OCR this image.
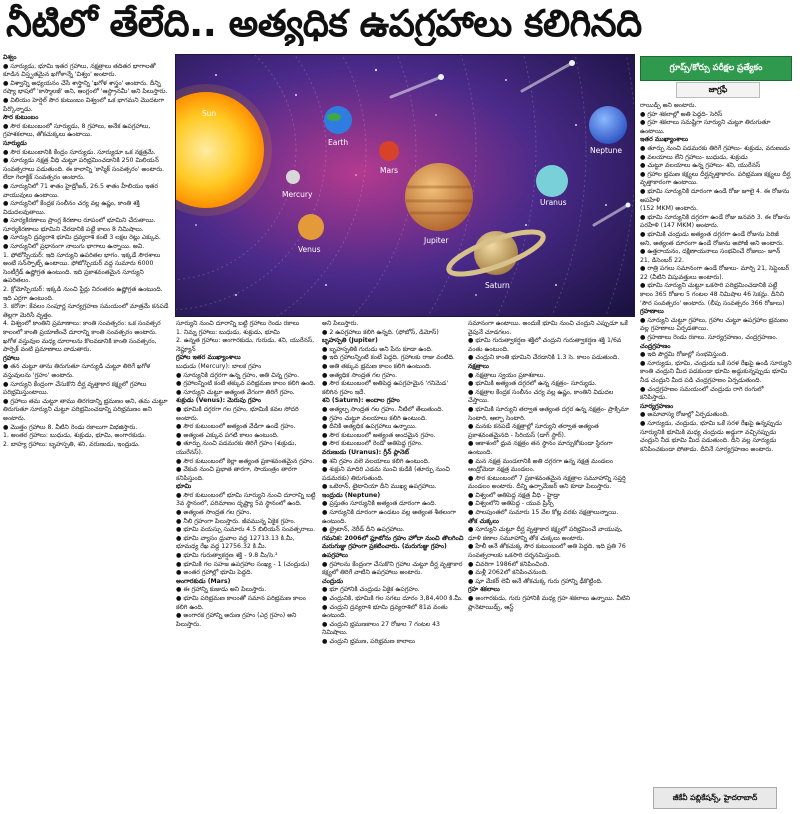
నీటిలో తేలేది.. అత్యధిక ఉపగ్రహాలు కలిగినది

విశ్వం

● సూర్యుడు, భూమి ఇతర గ్రహాలు, నక్షత్రాలు తదితర భాగాలతో కూడిన విస్తృతమైన ఖగోళాన్నే 'విశ్వం' అంటారు.

● విశ్వాన్ని అధ్యయనం చేసే శాస్త్రాన్ని 'ఖగోళ శాస్త్రం' అంటారు. దీన్ని రష్యా భాషలో 'కాస్మాలజీ' అని, ఆంగ్లంలో 'ఆస్ట్రానమీ' అని పిలుస్తారు.

● విలియం హెర్షెల్ సౌర కుటుంబం విశ్వంలో ఒక భాగమని మొదటగా పేర్కొన్నాడు.

సౌర కుటుంబం

● సౌర కుటుంబంలో సూర్యుడు, 8 గ్రహాలు, అనేక ఉపగ్రహాలు, గ్రహశకలాలు, తోకచుక్కలు ఉంటాయి.

సూర్యుడు

● సౌర కుటుంబానికి కేంద్రం సూర్యుడు. సూర్యుడూ ఒక నక్షత్రమే.

● సూర్యుడు నక్షత్ర వీధి చుట్టూ పరిభ్రమించడానికి 250 మిలియన్ సంవత్సరాలు పడుతుంది. ఈ కాలాన్ని 'కాస్మిక్ సంవత్సరం' అంటారు. లేదా గెలాక్టిక్ సంవత్సరం అంటారు.

● సూర్యునిలో 71 శాతం హైడ్రోజన్, 26.5 శాతం హీలియం ఇతర వాయువులు ఉంటాయి.

● సూర్యునిలో కేంద్రక సంలీనం చర్య వల్ల ఉష్ణం, కాంతి శక్తి విడుదలవుతాయి.

● సూర్యకిరణాలు ప్రాంగ్ల కిరణాల రూపంలో భూమిని చేరుతాయి. సూర్యకిరణాలు భూమిని చేరడానికి పట్టే కాలం 8 నిమిషాలు.

● సూర్యుని ద్రవ్యరాశి భూమి ద్రవ్యరాశి కంటే 3 లక్షల రెట్లు ఎక్కువ.

● సూర్యునిలో ప్రధానంగా నాలుగు భాగాలు ఉన్నాయి. అవి.

1. ఫోటోస్ఫియర్: ఇది సూర్యుని ఉపరితల భాగం. ఇక్కడే సౌరశాలు అంటే సన్‌స్పాట్స్ ఉంటాయి. ఫోటోస్ఫియర్ వద్ద సుమారు 6000 సెంటీగ్రేడ్ ఉష్ణోగ్రత ఉంటుంది. ఇది ప్రకాశవంతమైన సూర్యుని ఉపరితలం.

2. క్రోమోస్ఫియర్: ఇక్కడి నుంచి ఫ్లేర్లు నిరంతరం ఉష్ణోగ్రత ఉంటుంది. ఇది ఎర్రగా ఉంటుంది.

3. కరోనా: కేవలం సంపూర్ణ సూర్యగ్రహణ సమయంలో మాత్రమే కనపడే తెల్లగా మెరిసే వృత్తం.

4. విశ్వంలో కాంతిని ప్రమాణాలు: కాంతి సంవత్సరం: ఒక సంవత్సర కాలంలో కాంతి ప్రయాణించే దూరాన్ని కాంతి సంవత్సరం అంటారు. ఖగోళ వస్తువుల మధ్య దూరాలను కొలవడానికి కాంతి సంవత్సరం, పార్సెక్ వంటి ప్రమాణాలు వాడుతారు.

గ్రహాలు

● తన చుట్టూ తాను తిరుగుతూ సూర్యుడి చుట్టూ తిరిగే ఖగోళ వస్తువులను 'గ్రహం' అంటారు.

● సూర్యుని కేంద్రంగా చేసుకొని దీర్ఘ వృత్తాకార కక్ష్యలో గ్రహాలు పరిభ్రమిస్తుంటాయి.

● గ్రహాలు తమ చుట్టూ తాము తిరగడాన్ని భ్రమణం అని, తమ చుట్టూ తిరుగుతూ సూర్యుని చుట్టూ పరిభ్రమించడాన్ని పరిభ్రమణం అని అంటారు.

● మొత్తం గ్రహాలు 8. వీటిని రెండు రకాలుగా విభజిస్తారు.

1. అంతర గ్రహాలు: బుధుడు, శుక్రుడు, భూమి, అంగారకుడు.

2. బాహ్య గ్రహాలు: బృహస్పతి, శని, వరుణుడు, ఇంద్రుడు.

Sun
Mercury
Venus
Earth
Mars
Jupiter
Uranus
Saturn
Neptune

సూర్యుని నుంచి దూరాన్ని బట్టి గ్రహాలు రెండు రకాలు

1. నిమ్న గ్రహాలు: బుధుడు, శుక్రుడు, భూమి

2. ఉన్నత గ్రహాలు: అంగారకుడు, గురుడు, శని, యురేనస్, నెప్ట్యూన్

గ్రహాల ఇతర ముఖ్యాంశాలు

బుధుడు (Mercury): బాలక గ్రహం

● సూర్యునికి దగ్గరగా ఉన్న గ్రహం, అతి చిన్న గ్రహం.

● గ్రహాలన్నింటి కంటే తక్కువ పరిభ్రమణ కాలం కలిగి ఉంది.

● సూర్యుని చుట్టూ అత్యంత వేగంగా తిరిగే గ్రహం.

శుక్రుడు (Venus): మెరుపు గ్రహం

● భూమికి దగ్గరగా గల గ్రహం, భూమికి కవల సోదరి అంటారు.

● సౌర కుటుంబంలో అత్యంత వేడిగా ఉండే గ్రహం.

● అత్యంత ఎక్కువ పగటి కాలం ఉంటుంది.

● తూర్పు నుంచి పడమరకు తిరిగే గ్రహం (శుక్రుడు, యురేనస్).

● సౌర కుటుంబంలో కెల్లా అత్యంత ప్రకాశవంతమైన గ్రహం.

● వేకువ నుంచి ప్రభాత తారగా, సాయంత్రం తారగా కనిపిస్తుంది.

భూమి

● సౌర కుటుంబంలో భూమి సూర్యుని నుంచి దూరాన్ని బట్టి 3వ స్థానంలో, పరిమాణం దృష్ట్యా 5వ స్థానంలో ఉంది.

● అత్యంత సాంద్రత గల గ్రహం.

● నీలి గ్రహంగా పిలుస్తారు. జీవమున్న ఏకైక గ్రహం.

● భూమి వయస్సు సుమారు 4.5 బిలియన్ సంవత్సరాలు.

● భూమి వ్యాసం ధ్రువాల వద్ద 12713.13 కి.మీ, భూమధ్య రేఖ వద్ద 12756.32 కి.మీ.

● భూమి గురుత్వాకర్షణ శక్తి - 9.8 మీ/సె.²

● భూమికి గల సహజ ఉపగ్రహాల సంఖ్య - 1 (చంద్రుడు)

● అంతర గ్రహాల్లో భూమి పెద్దది.

అంగారకుడు (Mars)

● ఈ గ్రహాన్ని కుజుడు అని పిలుస్తారు.

● భూమి పరిభ్రమణ కాలంతో సమాన పరిభ్రమణ కాలం కలిగి ఉంది.

● అంగారక గ్రహాన్ని అరుణ గ్రహం (ఎర్ర గ్రహం) అని పిలుస్తారు.

అని పిలుస్తారు.

● 2 ఉపగ్రహాలు కలిగి ఉన్నది. (ఫోబోస్, డిమోస్)

బృహస్పతి (Jupiter)

● బృహస్పతికి గురుడు అని పేరు కూడా ఉంది.

● ఇది గ్రహాలన్నింటి కంటే పెద్దది. గ్రహాలకు రాజు వంటిది.

● అతి తక్కువ భ్రమణ కాలం కలిగి ఉంటుంది.

● అత్యధిక సాంద్రత గల గ్రహం.

● సౌర కుటుంబంలో అతిపెద్ద ఉపగ్రహమైన 'గనిమెడ' కలిగిన గ్రహం ఇదే.

శని (Saturn): అందాల గ్రహం

● అత్యల్ప సాంద్రత గల గ్రహం. నీటిలో తేలుతుంది.

● గ్రహం చుట్టూ వలయాలు కలిగి ఉంటుంది.

● దీనికి అత్యధిక ఉపగ్రహాలు ఉన్నాయి.

● సౌర కుటుంబంలో అత్యంత అందమైన గ్రహం.

● సౌర కుటుంబంలో రెండో అతిపెద్ద గ్రహం.

వరుణుడు (Uranus): గ్రీన్ ప్లానెట్

● శని గ్రహం వలె వలయాలు కలిగి ఉంటుంది.

● శుక్రుని మాదిరి ఎడమ నుంచి కుడికి (తూర్పు నుంచి పడమరకు) తిరుగుతుంది.

● ఒబెరాన్, టైటానియా దీని ముఖ్య ఉపగ్రహాలు.

ఇంద్రుడు (Neptune)

● ప్రస్తుతం సూర్యునికి అత్యంత దూరంగా ఉంది.

● సూర్యునికి దూరంగా ఉండటం వల్ల అత్యంత శీతలంగా ఉంటుంది.

● ట్రైటాన్, నెరీడ్ దీని ఉపగ్రహాలు.

గమనిక: 2006లో ప్లూటోను గ్రహం హోదా నుంచి తొలగించి మరుగుజ్జు గ్రహంగా ప్రకటించారు. (మరుగుజ్జు గ్రహం)

ఉపగ్రహాలు

● గ్రహాలను కేంద్రంగా చేసుకొని గ్రహాల చుట్టూ దీర్ఘ వృత్తాకార కక్ష్యలో తిరిగే వాటిని ఉపగ్రహాలు అంటారు.

చంద్రుడు

● భూ గ్రహానికి చంద్రుడు ఏకైక ఉపగ్రహం.

● చంద్రునికి, భూమికి గల సగటు దూరం 3,84,400 కి.మీ.

● చంద్రుని ద్రవ్యరాశి భూమి ద్రవ్యరాశిలో 81వ వంతు ఉంటుంది.

● చంద్రుని భ్రమణకాలం 27 రోజుల 7 గంటల 43 నిమిషాలు.

● చంద్రుని భ్రమణ, పరిభ్రమణ కాలాలు

సమానంగా ఉంటాయి. అందుకే భూమి నుంచి చంద్రుని ఎప్పుడూ ఒకే వైపునే చూడగలం.

● భూమి గురుత్వాకర్షణ శక్తిలో చంద్రుని గురుత్వాకర్షణ శక్తి 1/6వ వంతు ఉంటుంది.

● చంద్రుని కాంతి భూమిని చేరడానికి 1.3 సె. కాలం పడుతుంది.

నక్షత్రాలు

● నక్షత్రాలు స్వయం ప్రకాశకాలు.

● భూమికి అత్యంత దగ్గరలో ఉన్న నక్షత్రం- సూర్యుడు.

● నక్షత్రాల కేంద్రక సంలీనం చర్య వల్ల ఉష్ణం, కాంతిని విడుదల చేస్తాయి.

● భూమికి సూర్యుని తర్వాత అత్యంత దగ్గర ఉన్న నక్షత్రం- ప్రాక్సిమా సెంటారి, ఆల్ఫా సెంటారి.

● మనకు కనపడే నక్షత్రాల్లో సూర్యుని తర్వాత అత్యంత ప్రకాశవంతమైనది - సిరియస్ (డాగ్ స్టార్).

● ఆకాశంలో ధ్రువ నక్షత్రం తన స్థానం మార్చుకోకుండా స్థిరంగా ఉంటుంది.

● మన నక్షత్ర మండలానికి అతి దగ్గరగా ఉన్న నక్షత్ర మండలం ఆండ్రోమెడా నక్షత్ర మండలం.

● సౌర కుటుంబంలో 7 ప్రకాశవంతమైన నక్షత్రాల సమూహాన్ని సప్తర్షి మండలం అంటారు. దీన్ని ఉర్సామేజర్ అని కూడా పిలుస్తారు.

● విశ్వంలో అతిపెద్ద నక్షత్ర వీధి - హైడ్రా

● విశ్వంలోని అతిపెద్ద - యువ ప్రిన్స్

● పాలపుంతలో సుమారు 15 వేల కోట్ల వరకు నక్షత్రాలున్నాయి.

తోక చుక్కలు

● సూర్యుని చుట్టూ దీర్ఘ వృత్తాకార కక్ష్యలో పరిభ్రమించే వాయువు, ధూళి కణాల సమూహాన్ని తోక చుక్కలు అంటారు.

● హేలీ అనే తోకచుక్క సౌర కుటుంబంలో అతి పెద్దది. ఇది ప్రతి 76 సంవత్సరాలకు ఒకసారి దర్శనమిస్తుంది.

● చివరిగా 1986లో కనిపించింది.

● మళ్లీ 2062లో కనిపించనుంది.

● షూ మేకర్ లెవీ అనే తోకచుక్క గురు గ్రహాన్ని ఢీకొట్టింది.

గ్రహ శకలాలు

● అంగారకుడు, గురు గ్రహానికి మధ్య గ్రహ శకలాలు ఉన్నాయి. వీటిని ప్లానెటాయిడ్స్, ఆస్ట్

గ్రూప్స్/కోర్సు పరీక్షల ప్రత్యేకం
జాగ్రఫీ

రాయిడ్స్ అని అంటారు.

● గ్రహ శకలాల్లో అతి పెద్దది- సెరిస్

● గ్రహ శకలాలు సమష్టిగా సూర్యుని చుట్టూ తిరుగుతూ ఉంటాయి.

ఇతర ముఖ్యాంశాలు

● తూర్పు నుంచి పడమరకు తిరిగే గ్రహాలు- శుక్రుడు, వరుణుడు

● వలయాలు లేని గ్రహాలు- బుధుడు, శుక్రుడు

● చుట్టూ వలయాలు ఉన్న గ్రహాలు- శని, యురేనస్

● గ్రహాల భ్రమణ కక్ష్యలు దీర్ఘవృత్తాకారం. పరిభ్రమణ కక్ష్యలు దీర్ఘ వృత్తాకారంగా ఉంటాయి.

● భూమి సూర్యునికి దూరంగా ఉండే రోజు జూలై 4. ఈ రోజును అపహేళి

(152 MKM) అంటారు.

● భూమి సూర్యునికి దగ్గరగా ఉండే రోజు జనవరి 3. ఈ రోజును పరహేళి (147 MKM) అంటారు.

● భూమికి చంద్రుడు అత్యంత దగ్గరగా ఉండే రోజును పెరిజీ అని, అత్యంత దూరంగా ఉండే రోజును అపోజీ అని అంటారు.

● ఉత్తరాయనం, దక్షిణాయనాలు సంభవించే రోజులు- జూన్ 21, డిసెంబర్ 22.

● రాత్రి పగలు సమానంగా ఉండే రోజులు- మార్చి 21, సెప్టెంబర్ 22 (వీటిని విషువత్తులు అంటారు).

● భూమి సూర్యుని చుట్టూ ఒకసారి పరిభ్రమించడానికి పట్టే కాలం 365 రోజుల 5 గంటల 48 నిమిషాల 46 సెకన్లు. దీనిని 'సౌర సంవత్సరం' అంటారు. (లీపు సంవత్సరం 366 రోజులు)

గ్రహణాలు

● సూర్యుని చుట్టూ గ్రహాలు, గ్రహాల చుట్టూ ఉపగ్రహాల భ్రమణం వల్ల గ్రహణాలు ఏర్పడతాయి.

● గ్రహణాలు రెండు రకాలు. సూర్యగ్రహణం, చంద్రగ్రహణం.

చంద్రగ్రహణం

● ఇది పౌర్ణమి రోజుల్లో సంభవిస్తుంది.

● సూర్యుడు, భూమి, చంద్రుడు ఒకే సరళ రేఖపై ఉండి సూర్యుని కాంతి చంద్రుని మీద పడకుండా భూమి అడ్డుకున్నప్పుడు భూమి నీడ చంద్రుని మీద పడి చంద్రగ్రహణం ఏర్పడుతుంది.

● చంద్రగ్రహణం సమయంలో చంద్రుడు రాగి రంగులో కనిపిస్తాడు.

సూర్యగ్రహణం

● అమావాస్య రోజుల్లో ఏర్పడుతుంది.

● సూర్యుడు, చంద్రుడు, భూమి ఒకే సరళ రేఖపై ఉన్నప్పుడు సూర్యునికి భూమికి మధ్య చంద్రుడు అడ్డుగా వచ్చినప్పుడు చంద్రుని నీడ భూమి మీద పడుతుంది. దీని వల్ల సూర్యుడు కనిపించకుండా పోతాడు. దీనినే సూర్యగ్రహణం అంటారు.

జీకేవీ పబ్లికేషన్స్, హైదరాబాద్
